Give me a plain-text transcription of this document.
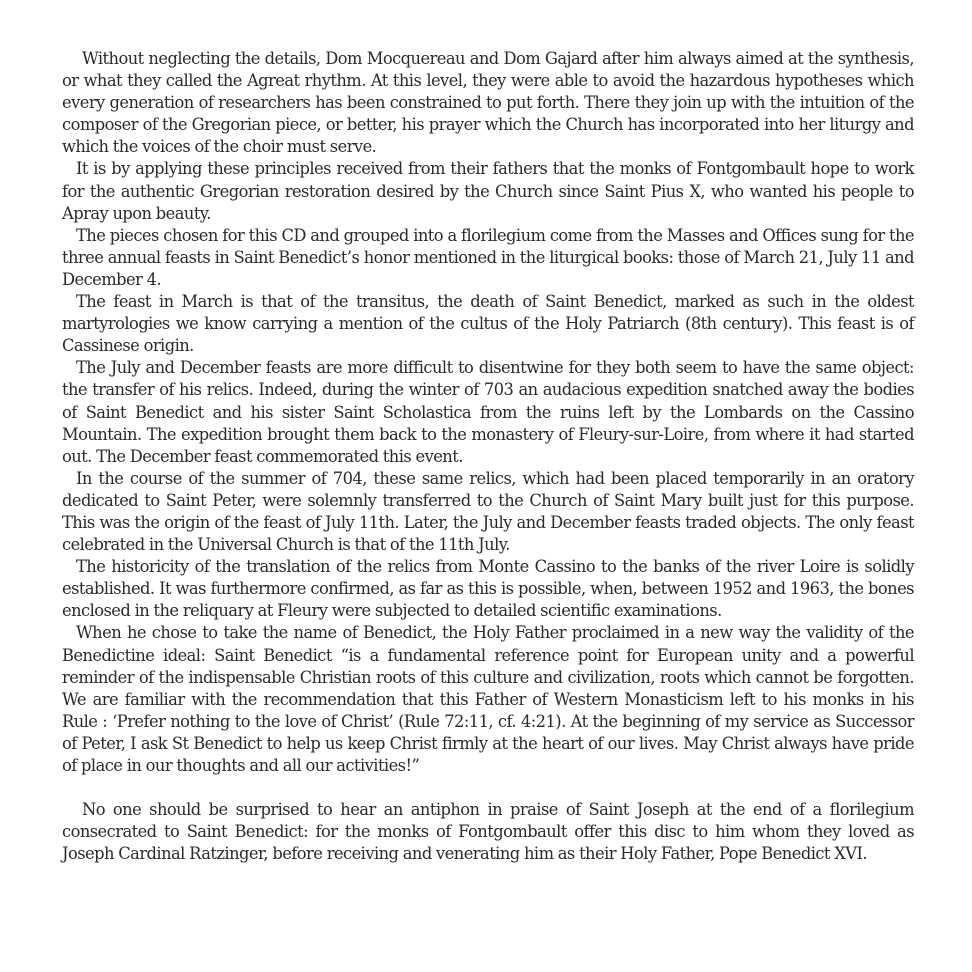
Without neglecting the details, Dom Mocquereau and Dom Gajard after him always aimed at the synthesis, or what they called the Agreat rhythm. At this level, they were able to avoid the hazardous hypotheses which every generation of researchers has been constrained to put forth. There they join up with the intuition of the composer of the Gregorian piece, or better, his prayer which the Church has incorporated into her liturgy and which the voices of the choir must serve.

It is by applying these principles received from their fathers that the monks of Fontgombault hope to work for the authentic Gregorian restoration desired by the Church since Saint Pius X, who wanted his people to Apray upon beauty.

The pieces chosen for this CD and grouped into a florilegium come from the Masses and Offices sung for the three annual feasts in Saint Benedict’s honor mentioned in the liturgical books: those of March 21, July 11 and December 4.

The feast in March is that of the transitus, the death of Saint Benedict, marked as such in the oldest martyrologies we know carrying a mention of the cultus of the Holy Patriarch (8th century). This feast is of Cassinese origin.

The July and December feasts are more difficult to disentwine for they both seem to have the same object: the transfer of his relics. Indeed, during the winter of 703 an audacious expedition snatched away the bodies of Saint Benedict and his sister Saint Scholastica from the ruins left by the Lombards on the Cassino Mountain. The expedition brought them back to the monastery of Fleury-sur-Loire, from where it had started out. The December feast commemorated this event.

In the course of the summer of 704, these same relics, which had been placed temporarily in an oratory dedicated to Saint Peter, were solemnly transferred to the Church of Saint Mary built just for this purpose. This was the origin of the feast of July 11th. Later, the July and December feasts traded objects. The only feast celebrated in the Universal Church is that of the 11th July.

The historicity of the translation of the relics from Monte Cassino to the banks of the river Loire is solidly established. It was furthermore confirmed, as far as this is possible, when, between 1952 and 1963, the bones enclosed in the reliquary at Fleury were subjected to detailed scientific examinations.

When he chose to take the name of Benedict, the Holy Father proclaimed in a new way the validity of the Benedictine ideal: Saint Benedict “is a fundamental reference point for European unity and a powerful reminder of the indispensable Christian roots of this culture and civilization, roots which cannot be forgotten. We are familiar with the recommendation that this Father of Western Monasticism left to his monks in his Rule : ‘Prefer nothing to the love of Christ’ (Rule 72:11, cf. 4:21). At the beginning of my service as Successor of Peter, I ask St Benedict to help us keep Christ firmly at the heart of our lives. May Christ always have pride of place in our thoughts and all our activities!”

No one should be surprised to hear an antiphon in praise of Saint Joseph at the end of a florilegium consecrated to Saint Benedict: for the monks of Fontgombault offer this disc to him whom they loved as Joseph Cardinal Ratzinger, before receiving and venerating him as their Holy Father, Pope Benedict XVI.
